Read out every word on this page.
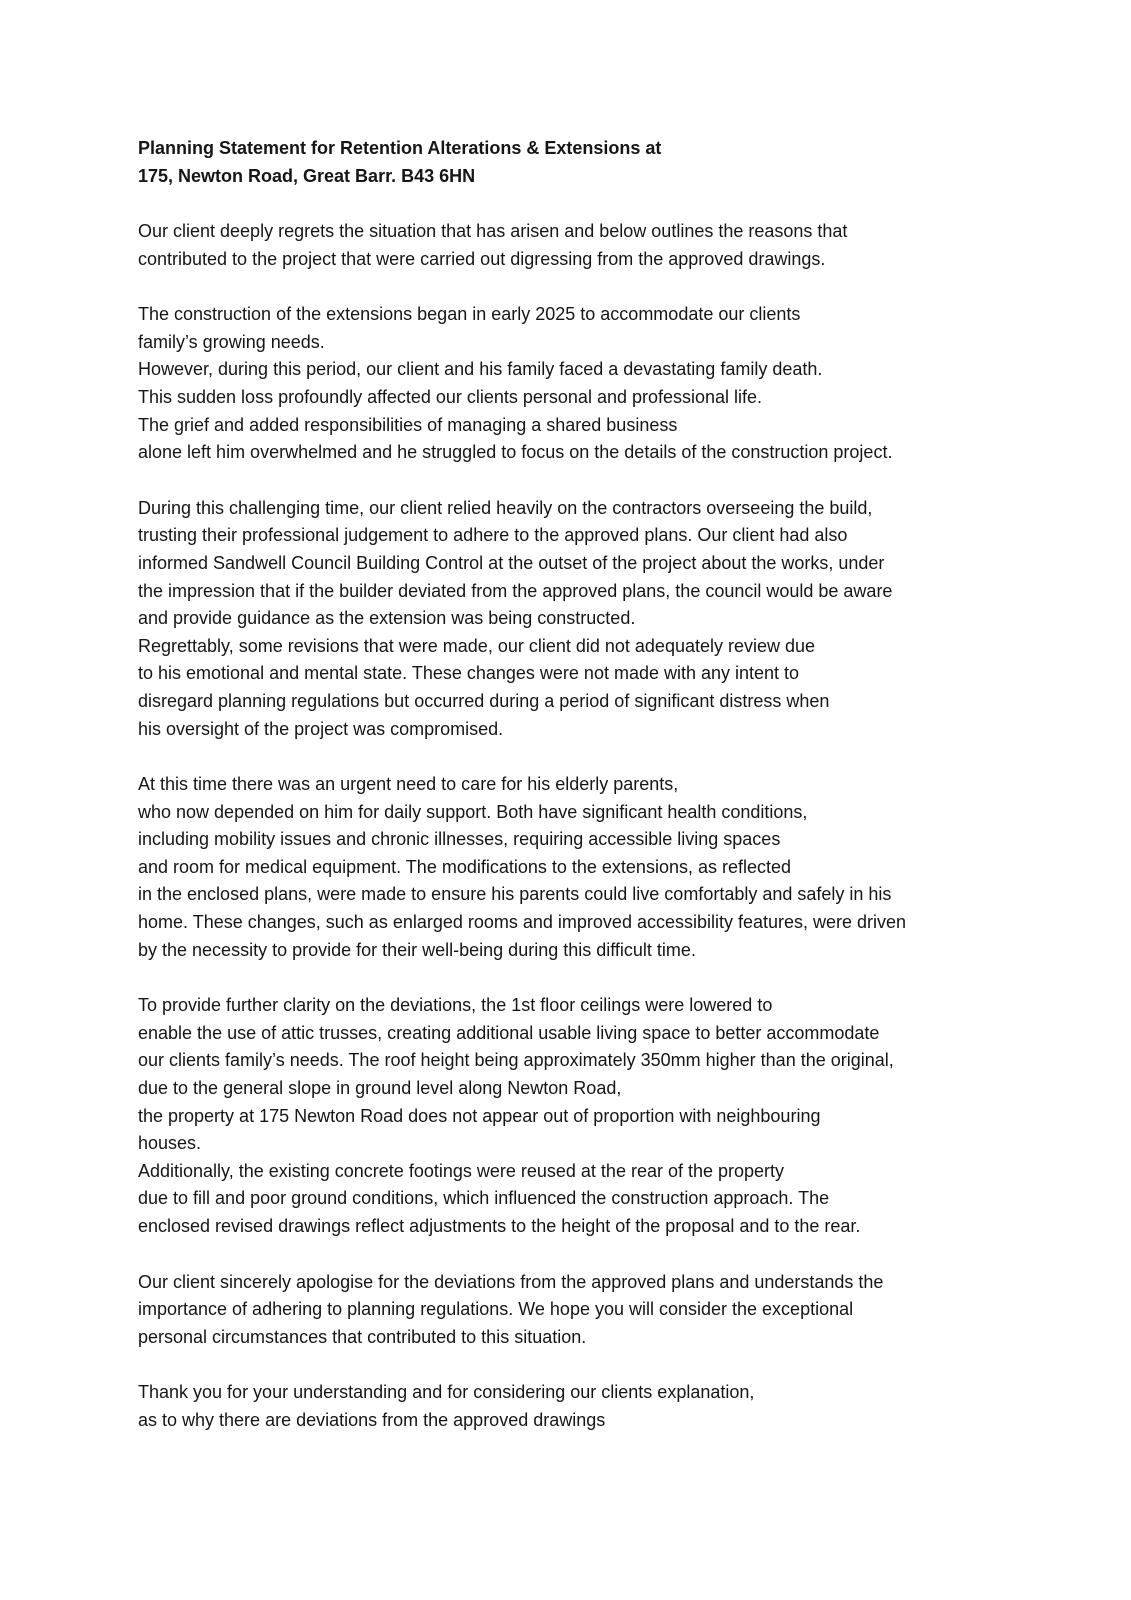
Planning Statement for Retention Alterations & Extensions at
175, Newton Road, Great Barr. B43 6HN
Our client deeply regrets the situation that has arisen and below outlines the reasons that
contributed to the project that were carried out digressing from the approved drawings.
The construction of the extensions began in early 2025 to accommodate our clients
family’s growing needs.
However, during this period, our client and his family faced a devastating family death.
This sudden loss profoundly affected our clients personal and professional life.
The grief and added responsibilities of managing a shared business
alone left him overwhelmed and he struggled to focus on the details of the construction project.
During this challenging time, our client relied heavily on the contractors overseeing the build,
trusting their professional judgement to adhere to the approved plans. Our client had also
informed Sandwell Council Building Control at the outset of the project about the works, under
the impression that if the builder deviated from the approved plans, the council would be aware
and provide guidance as the extension was being constructed.
Regrettably, some revisions that were made, our client did not adequately review due
to his emotional and mental state. These changes were not made with any intent to
disregard planning regulations but occurred during a period of significant distress when
his oversight of the project was compromised.
At this time there was an urgent need to care for his elderly parents,
who now depended on him for daily support. Both have significant health conditions,
including mobility issues and chronic illnesses, requiring accessible living spaces
and room for medical equipment. The modifications to the extensions, as reflected
in the enclosed plans, were made to ensure his parents could live comfortably and safely in his
home. These changes, such as enlarged rooms and improved accessibility features, were driven
by the necessity to provide for their well-being during this difficult time.
To provide further clarity on the deviations, the 1st floor ceilings were lowered to
enable the use of attic trusses, creating additional usable living space to better accommodate
our clients family’s needs. The roof height being approximately 350mm higher than the original,
due to the general slope in ground level along Newton Road,
the property at 175 Newton Road does not appear out of proportion with neighbouring
houses.
Additionally, the existing concrete footings were reused at the rear of the property
due to fill and poor ground conditions, which influenced the construction approach. The
enclosed revised drawings reflect adjustments to the height of the proposal and to the rear.
Our client sincerely apologise for the deviations from the approved plans and understands the
importance of adhering to planning regulations. We hope you will consider the exceptional
personal circumstances that contributed to this situation.
Thank you for your understanding and for considering our clients explanation,
as to why there are deviations from the approved drawings
